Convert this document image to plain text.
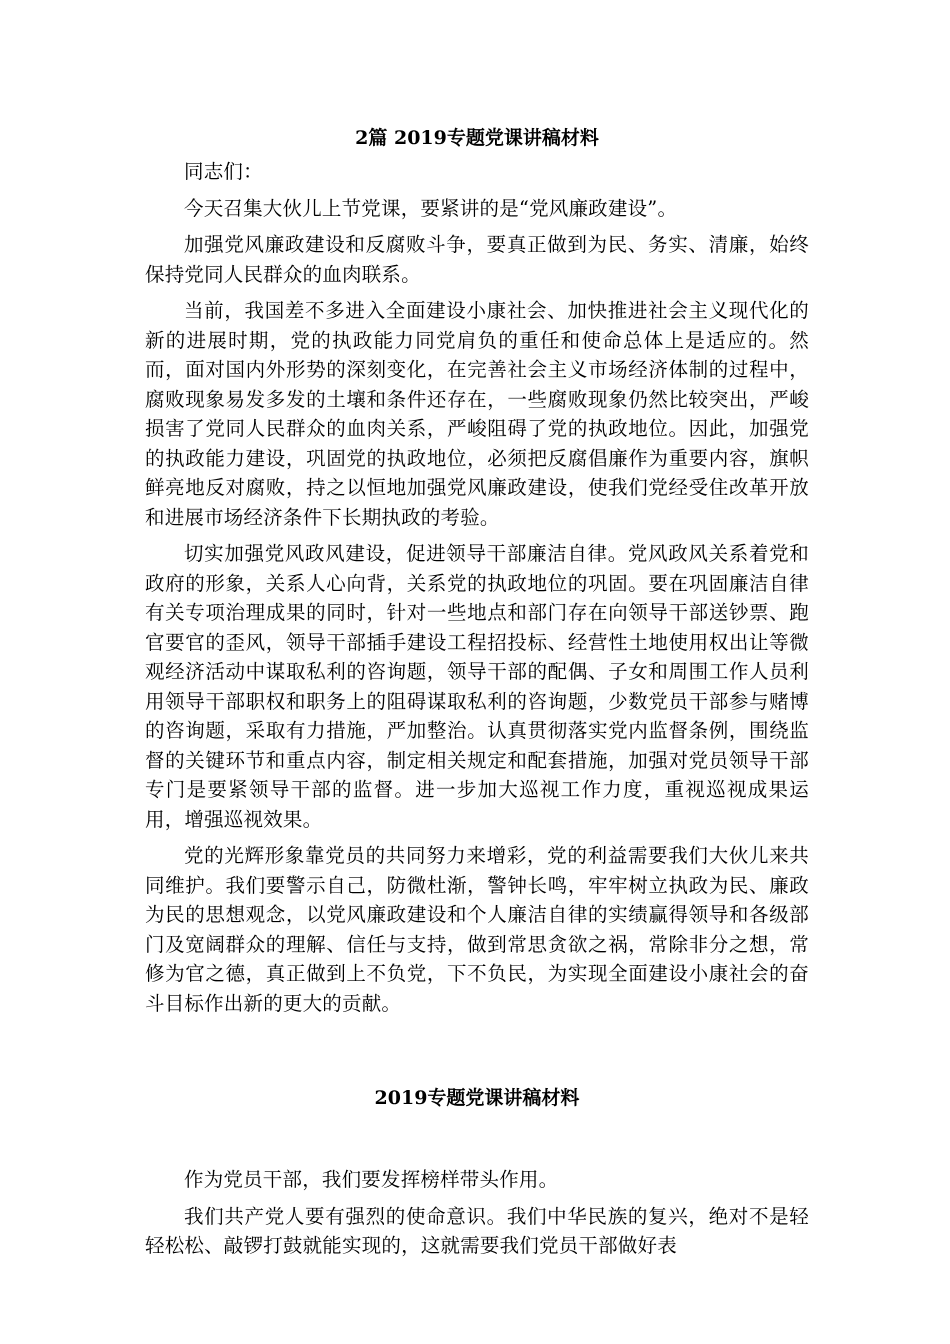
2篇 2019专题党课讲稿材料

同志们：

今天召集大伙儿上节党课，要紧讲的是“党风廉政建设”。

加强党风廉政建设和反腐败斗争，要真正做到为民、务实、清廉，始终保持党同人民群众的血肉联系。

当前，我国差不多进入全面建设小康社会、加快推进社会主义现代化的新的进展时期，党的执政能力同党肩负的重任和使命总体上是适应的。然而，面对国内外形势的深刻变化，在完善社会主义市场经济体制的过程中，腐败现象易发多发的土壤和条件还存在，一些腐败现象仍然比较突出，严峻损害了党同人民群众的血肉关系，严峻阻碍了党的执政地位。因此，加强党的执政能力建设，巩固党的执政地位，必须把反腐倡廉作为重要内容，旗帜鲜亮地反对腐败，持之以恒地加强党风廉政建设，使我们党经受住改革开放和进展市场经济条件下长期执政的考验。

切实加强党风政风建设，促进领导干部廉洁自律。党风政风关系着党和政府的形象，关系人心向背，关系党的执政地位的巩固。要在巩固廉洁自律有关专项治理成果的同时，针对一些地点和部门存在向领导干部送钞票、跑官要官的歪风，领导干部插手建设工程招投标、经营性土地使用权出让等微观经济活动中谋取私利的咨询题，领导干部的配偶、子女和周围工作人员利用领导干部职权和职务上的阻碍谋取私利的咨询题，少数党员干部参与赌博的咨询题，采取有力措施，严加整治。认真贯彻落实党内监督条例，围绕监督的关键环节和重点内容，制定相关规定和配套措施，加强对党员领导干部专门是要紧领导干部的监督。进一步加大巡视工作力度，重视巡视成果运用，增强巡视效果。

党的光辉形象靠党员的共同努力来增彩，党的利益需要我们大伙儿来共同维护。我们要警示自己，防微杜渐，警钟长鸣，牢牢树立执政为民、廉政为民的思想观念，以党风廉政建设和个人廉洁自律的实绩赢得领导和各级部门及宽阔群众的理解、信任与支持，做到常思贪欲之祸，常除非分之想，常修为官之德，真正做到上不负党，下不负民，为实现全面建设小康社会的奋斗目标作出新的更大的贡献。

2019专题党课讲稿材料

作为党员干部，我们要发挥榜样带头作用。

我们共产党人要有强烈的使命意识。我们中华民族的复兴，绝对不是轻轻松松、敲锣打鼓就能实现的，这就需要我们党员干部做好表
